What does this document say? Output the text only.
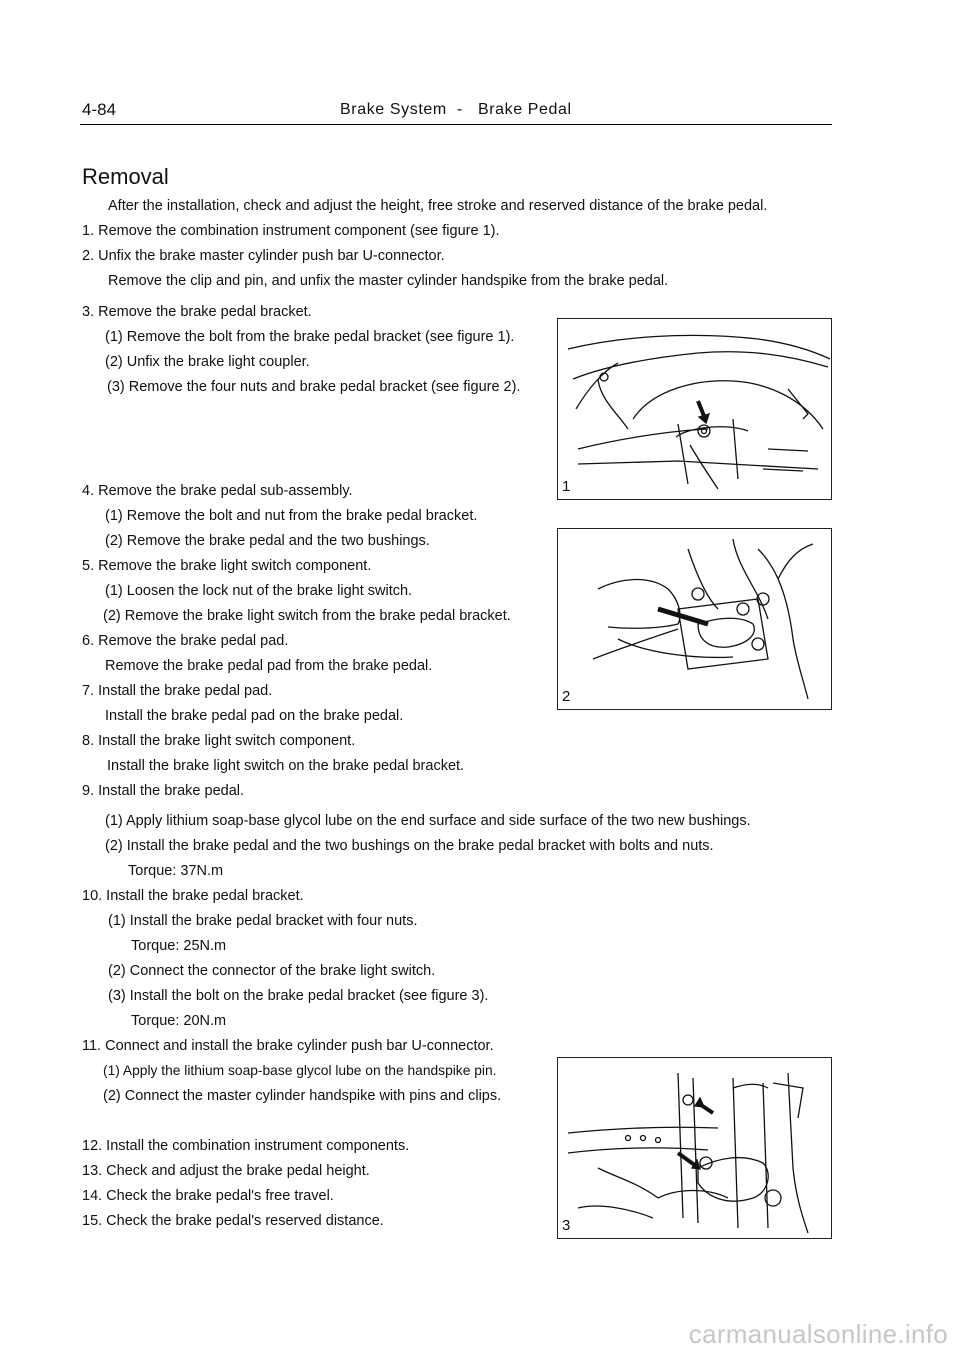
4-84	Brake System  -   Brake Pedal
Removal
After the installation, check and adjust the height, free stroke and reserved distance of the brake pedal.
1. Remove the combination instrument component (see figure 1).
2. Unfix the brake master cylinder push bar U-connector.
Remove the clip and pin, and unfix the master cylinder handspike from the brake pedal.
3. Remove the brake pedal bracket.
(1) Remove the bolt from the brake pedal bracket (see figure 1).
(2) Unfix the brake light coupler.
(3) Remove the four nuts and brake pedal bracket (see figure 2).
4. Remove the brake pedal sub-assembly.
(1) Remove the bolt and nut from the brake pedal bracket.
(2) Remove the brake pedal and the two bushings.
5. Remove the brake light switch component.
(1) Loosen the lock nut of the brake light switch.
(2) Remove the brake light switch from the brake pedal bracket.
6. Remove the brake pedal pad.
Remove the brake pedal pad from the brake pedal.
7. Install the brake pedal pad.
Install the brake pedal pad on the brake pedal.
8. Install the brake light switch component.
Install the brake light switch on the brake pedal bracket.
9. Install the brake pedal.
(1) Apply lithium soap-base glycol lube on the end surface and side surface of the two new bushings.
(2) Install the brake pedal and the two bushings on the brake pedal bracket with bolts and nuts.
Torque: 37N.m
10. Install the brake pedal bracket.
(1) Install the brake pedal bracket with four nuts.
Torque: 25N.m
(2) Connect the connector of the brake light switch.
(3) Install the bolt on the brake pedal bracket (see figure 3).
Torque: 20N.m
11. Connect and install the brake cylinder push bar U-connector.
(1) Apply the lithium soap-base glycol lube on the handspike pin.
(2) Connect the master cylinder handspike with pins and clips.
12. Install the combination instrument components.
13. Check and adjust the brake pedal height.
14. Check the brake pedal's free travel.
15. Check the brake pedal's reserved distance.
1
2
3
carmanualsonline.info
